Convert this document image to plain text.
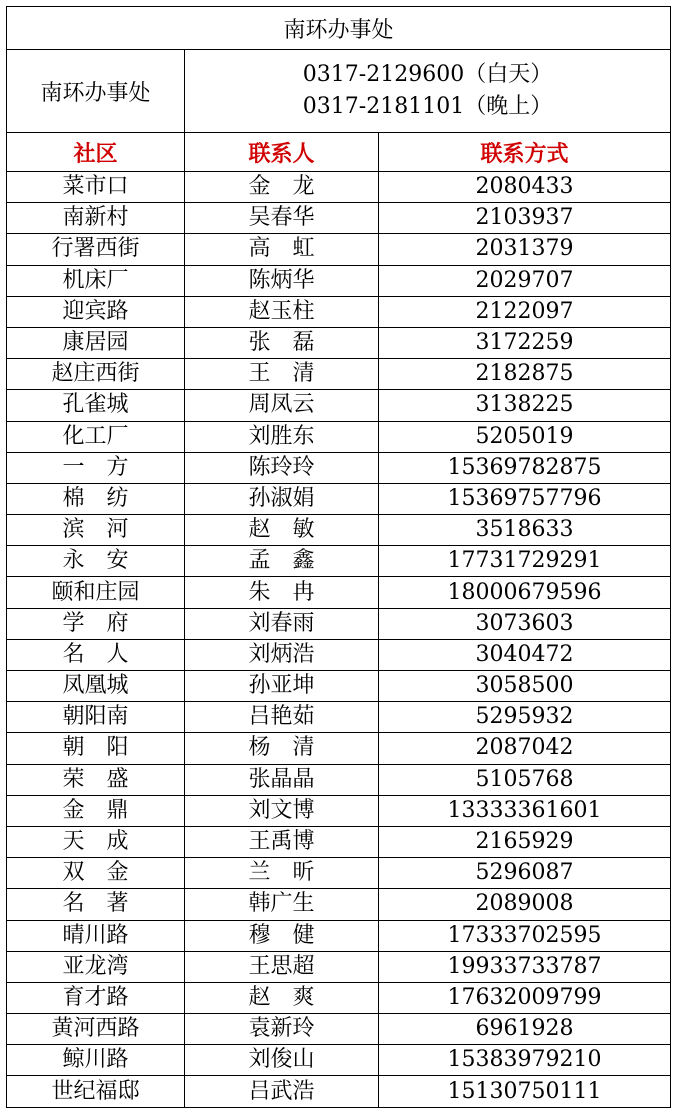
南环办事处		
南环办事处	0317-2129600（白天）
0317-2181101（晚上）	

社区	联系人	联系方式
菜市口	金　龙	2080433
南新村	吴春华	2103937
行署西街	高　虹	2031379
机床厂	陈炳华	2029707
迎宾路	赵玉柱	2122097
康居园	张　磊	3172259
赵庄西街	王　清	2182875
孔雀城	周凤云	3138225
化工厂	刘胜东	5205019
一　方	陈玲玲	15369782875
棉　纺	孙淑娟	15369757796
滨　河	赵　敏	3518633
永　安	孟　鑫	17731729291
颐和庄园	朱　冉	18000679596
学　府	刘春雨	3073603
名　人	刘炳浩	3040472
凤凰城	孙亚坤	3058500
朝阳南	吕艳茹	5295932
朝　阳	杨　清	2087042
荣　盛	张晶晶	5105768
金　鼎	刘文博	13333361601
天　成	王禹博	2165929
双　金	兰　昕	5296087
名　著	韩广生	2089008
晴川路	穆　健	17333702595
亚龙湾	王思超	19933733787
育才路	赵　爽	17632009799
黄河西路	袁新玲	6961928
鲸川路	刘俊山	15383979210
世纪福邸	吕武浩	15130750111
